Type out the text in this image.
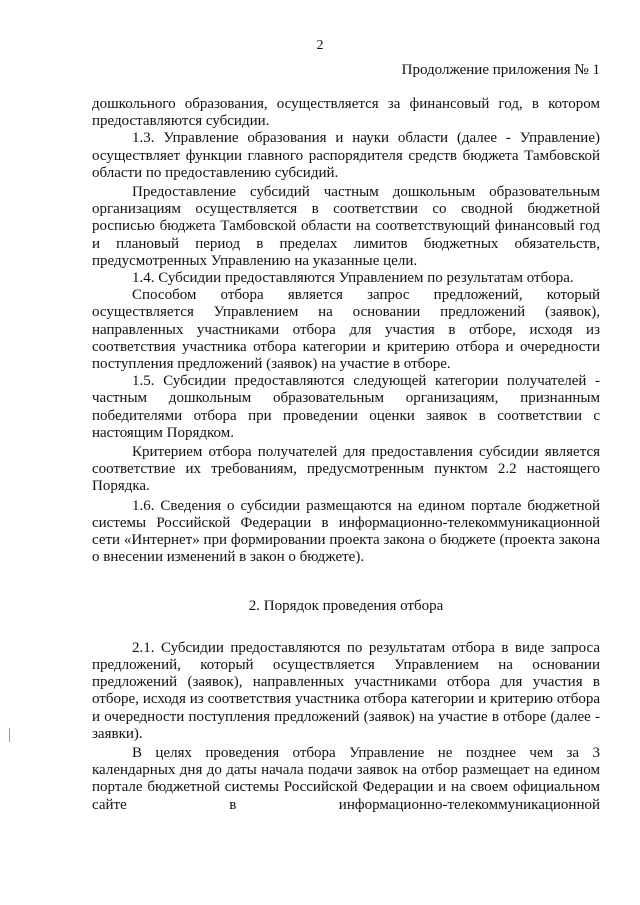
2
Продолжение приложения № 1

дошкольного образования, осуществляется за финансовый год, в котором предоставляются субсидии.

1.3. Управление образования и науки области (далее - Управление) осуществляет функции главного распорядителя средств бюджета Тамбовской области по предоставлению субсидий.

Предоставление субсидий частным дошкольным образовательным организациям осуществляется в соответствии со сводной бюджетной росписью бюджета Тамбовской области на соответствующий финансовый год и плановый период в пределах лимитов бюджетных обязательств, предусмотренных Управлению на указанные цели.

1.4. Субсидии предоставляются Управлением по результатам отбора.

Способом отбора является запрос предложений, который осуществляется Управлением на основании предложений (заявок), направленных участниками отбора для участия в отборе, исходя из соответствия участника отбора категории и критерию отбора и очередности поступления предложений (заявок) на участие в отборе.

1.5. Субсидии предоставляются следующей категории получателей - частным дошкольным образовательным организациям, признанным победителями отбора при проведении оценки заявок в соответствии с настоящим Порядком.

Критерием отбора получателей для предоставления субсидии является соответствие их требованиям, предусмотренным пунктом 2.2 настоящего Порядка.

1.6. Сведения о субсидии размещаются на едином портале бюджетной системы Российской Федерации в информационно-телекоммуникационной сети «Интернет» при формировании проекта закона о бюджете (проекта закона о внесении изменений в закон о бюджете).

2. Порядок проведения отбора

2.1. Субсидии предоставляются по результатам отбора в виде запроса предложений, который осуществляется Управлением на основании предложений (заявок), направленных участниками отбора для участия в отборе, исходя из соответствия участника отбора категории и критерию отбора и очередности поступления предложений (заявок) на участие в отборе (далее - заявки).

В целях проведения отбора Управление не позднее чем за 3 календарных дня до даты начала подачи заявок на отбор размещает на едином портале бюджетной системы Российской Федерации и на своем официальном сайте в информационно-телекоммуникационной
